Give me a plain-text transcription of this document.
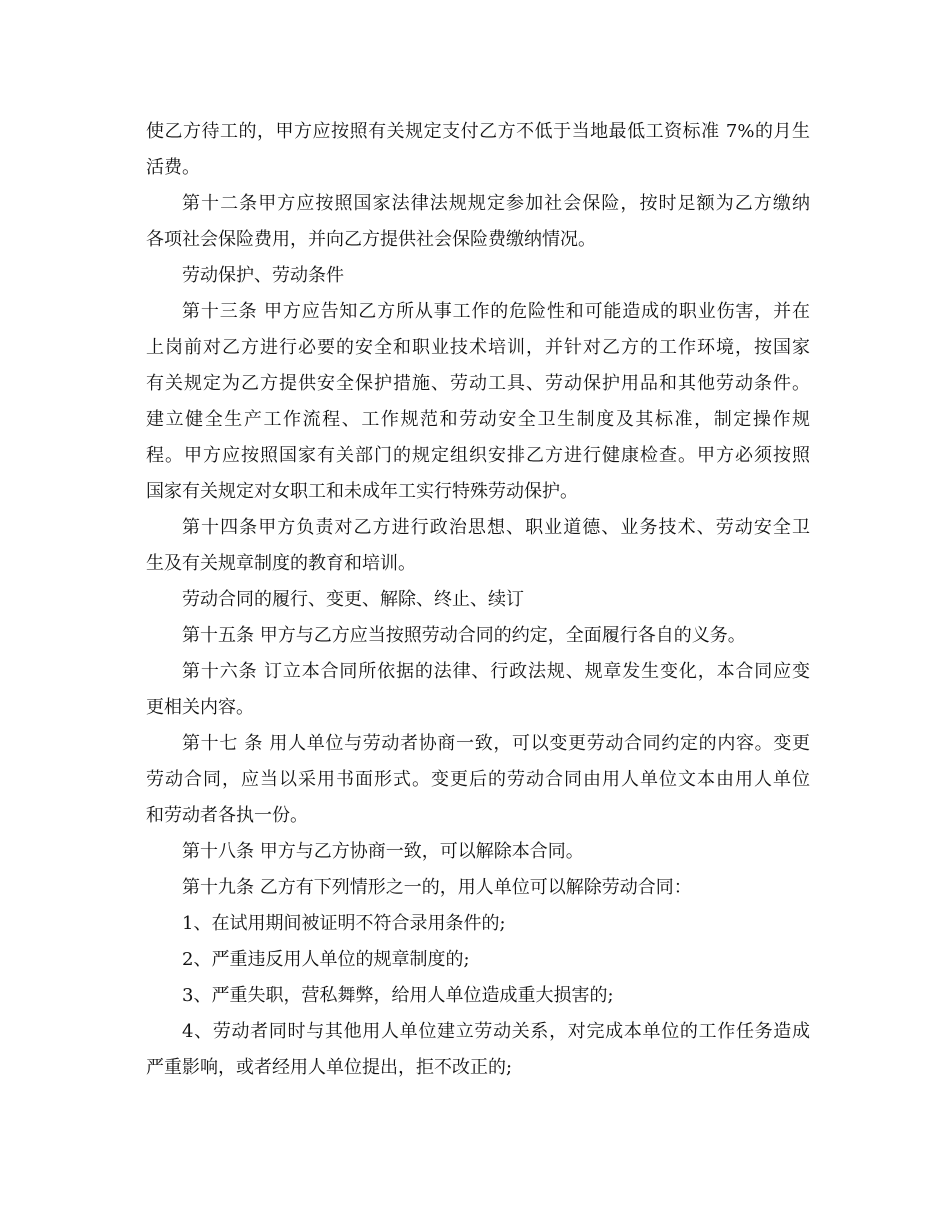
使乙方待工的，甲方应按照有关规定支付乙方不低于当地最低工资标准 7%的月生
活费。
第十二条甲方应按照国家法律法规规定参加社会保险，按时足额为乙方缴纳
各项社会保险费用，并向乙方提供社会保险费缴纳情况。
劳动保护、劳动条件
第十三条 甲方应告知乙方所从事工作的危险性和可能造成的职业伤害，并在
上岗前对乙方进行必要的安全和职业技术培训，并针对乙方的工作环境，按国家
有关规定为乙方提供安全保护措施、劳动工具、劳动保护用品和其他劳动条件。
建立健全生产工作流程、工作规范和劳动安全卫生制度及其标准，制定操作规
程。甲方应按照国家有关部门的规定组织安排乙方进行健康检查。甲方必须按照
国家有关规定对女职工和未成年工实行特殊劳动保护。
第十四条甲方负责对乙方进行政治思想、职业道德、业务技术、劳动安全卫
生及有关规章制度的教育和培训。
劳动合同的履行、变更、解除、终止、续订
第十五条 甲方与乙方应当按照劳动合同的约定，全面履行各自的义务。
第十六条 订立本合同所依据的法律、行政法规、规章发生变化，本合同应变
更相关内容。
第十七 条 用人单位与劳动者协商一致，可以变更劳动合同约定的内容。变更
劳动合同，应当以采用书面形式。变更后的劳动合同由用人单位文本由用人单位
和劳动者各执一份。
第十八条 甲方与乙方协商一致，可以解除本合同。
第十九条 乙方有下列情形之一的，用人单位可以解除劳动合同：
1、在试用期间被证明不符合录用条件的;
2、严重违反用人单位的规章制度的;
3、严重失职，营私舞弊，给用人单位造成重大损害的;
4、劳动者同时与其他用人单位建立劳动关系，对完成本单位的工作任务造成
严重影响，或者经用人单位提出，拒不改正的;
